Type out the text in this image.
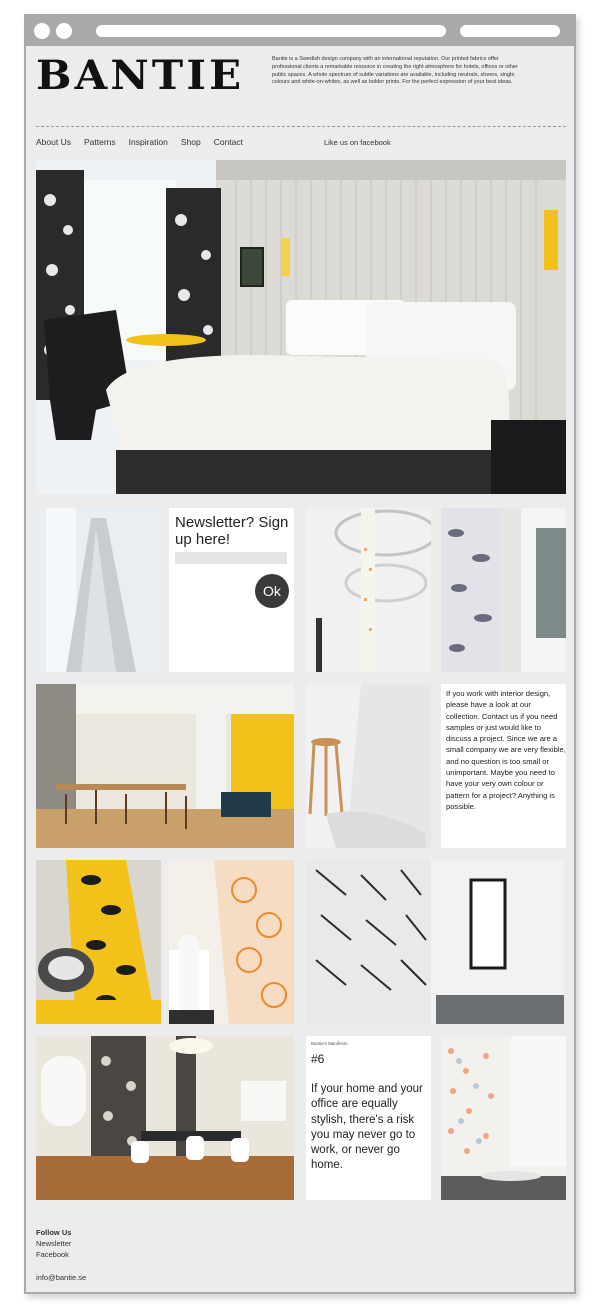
BANTIE	Bantie is a Swedish design company with an international reputation. Our printed fabrics offer professional clients a remarkable resource in creating the right atmosphere for hotels, offices or other public spaces. A whole spectrum of subtle variations are available, including neutrals, sheers, single colours and white-on-whites, as well as bolder prints. For the perfect expression of your best ideas.
About Us Patterns Inspiration Shop Contact	Like us on facebook
Newsletter? Sign up here!
Ok
If you work with interior design, please have a look at our collection. Contact us if you need samples or just would like to discuss a project. Since we are a small company we are very flexible, and no question is too small or unimportant. Maybe you need to have your very own colour or pattern for a project? Anything is possible.
Bantie's Manifesto
#6
If your home and your office are equally stylish, there's a risk you may never go to work, or never go home.
Follow Us
Newsletter
Facebook
info@bantie.se
